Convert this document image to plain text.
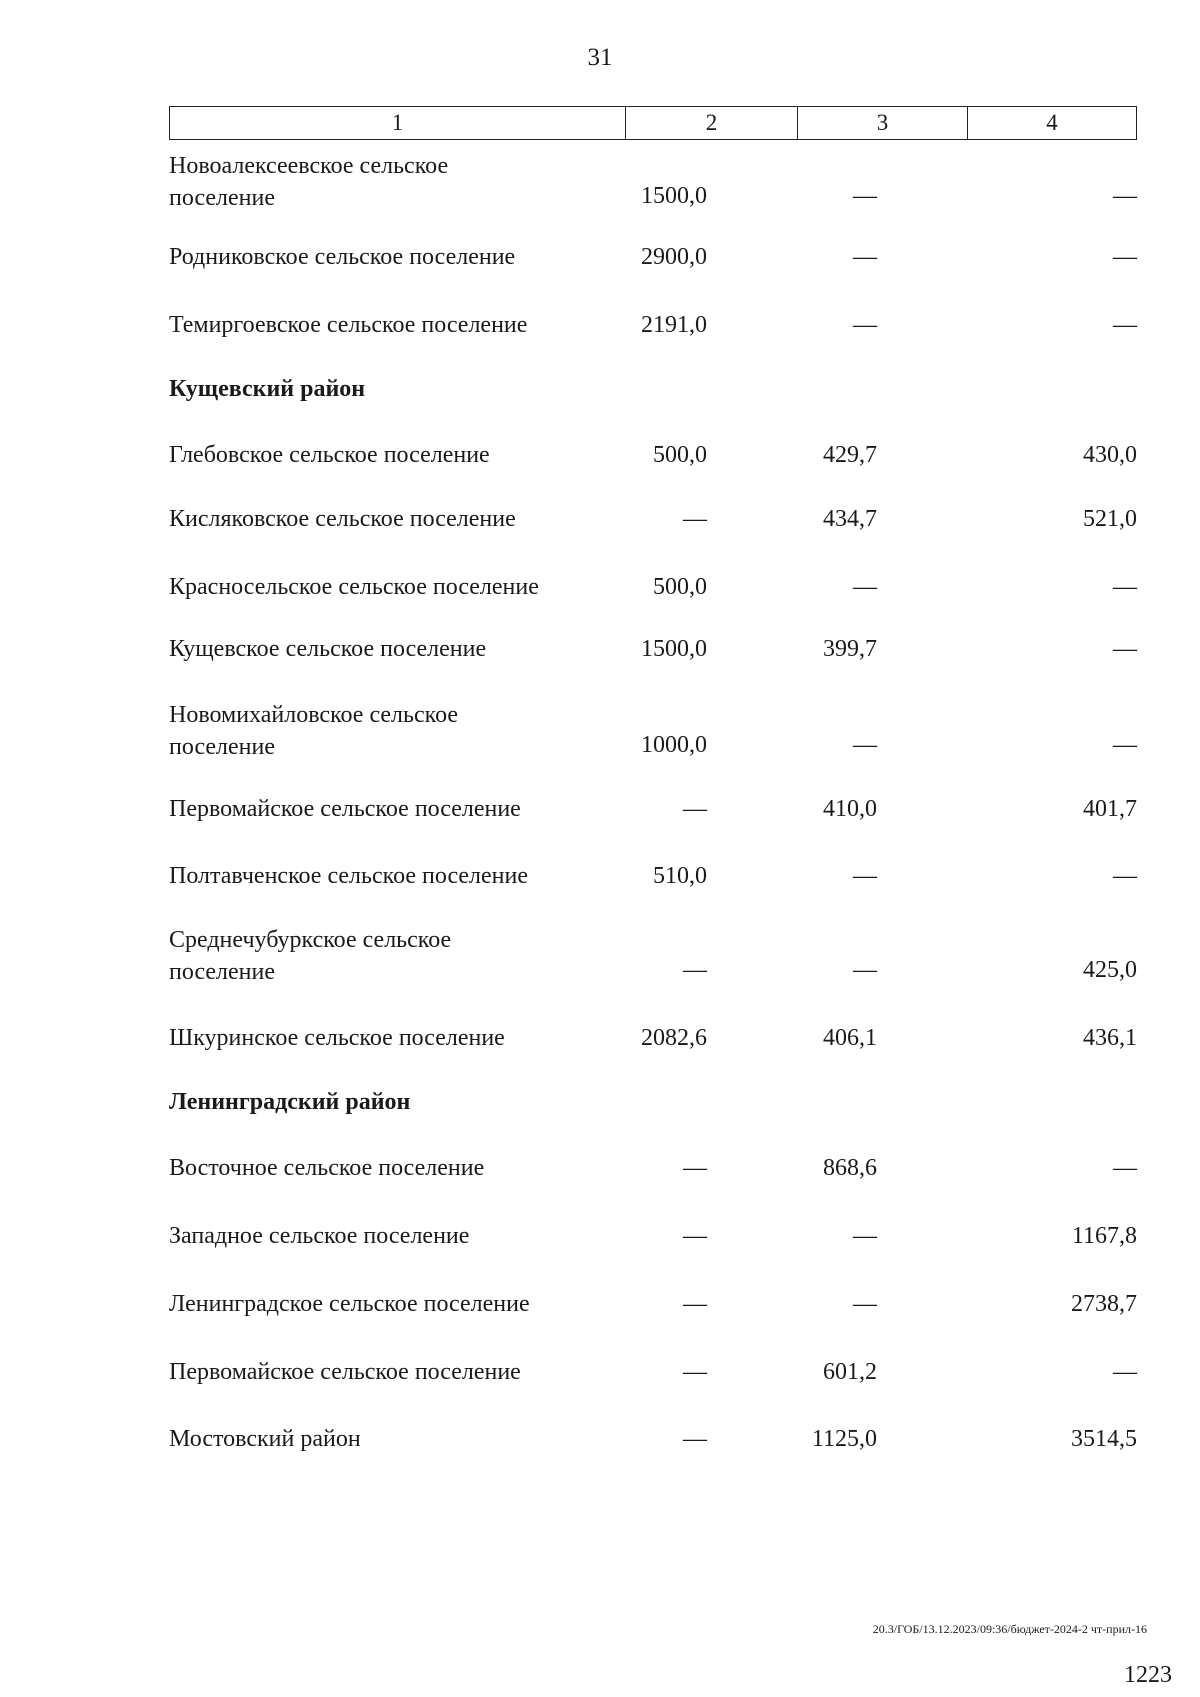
31
1	2	3	4
Новоалексеевское сельское
поселение	1500,0	—	—
Родниковское сельское поселение	2900,0	—	—
Темиргоевское сельское поселение	2191,0	—	—
Кущевский район
Глебовское сельское поселение	500,0	429,7	430,0
Кисляковское сельское поселение	—	434,7	521,0
Красносельское сельское поселение	500,0	—	—
Кущевское сельское поселение	1500,0	399,7	—
Новомихайловское сельское
поселение	1000,0	—	—
Первомайское сельское поселение	—	410,0	401,7
Полтавченское сельское поселение	510,0	—	—
Среднечубуркское сельское
поселение	—	—	425,0
Шкуринское сельское поселение	2082,6	406,1	436,1
Ленинградский район
Восточное сельское поселение	—	868,6	—
Западное сельское поселение	—	—	1167,8
Ленинградское сельское поселение	—	—	2738,7
Первомайское сельское поселение	—	601,2	—
Мостовский район	—	1125,0	3514,5
20.3/ГОБ/13.12.2023/09:36/бюджет-2024-2 чт-прил-16
1223
